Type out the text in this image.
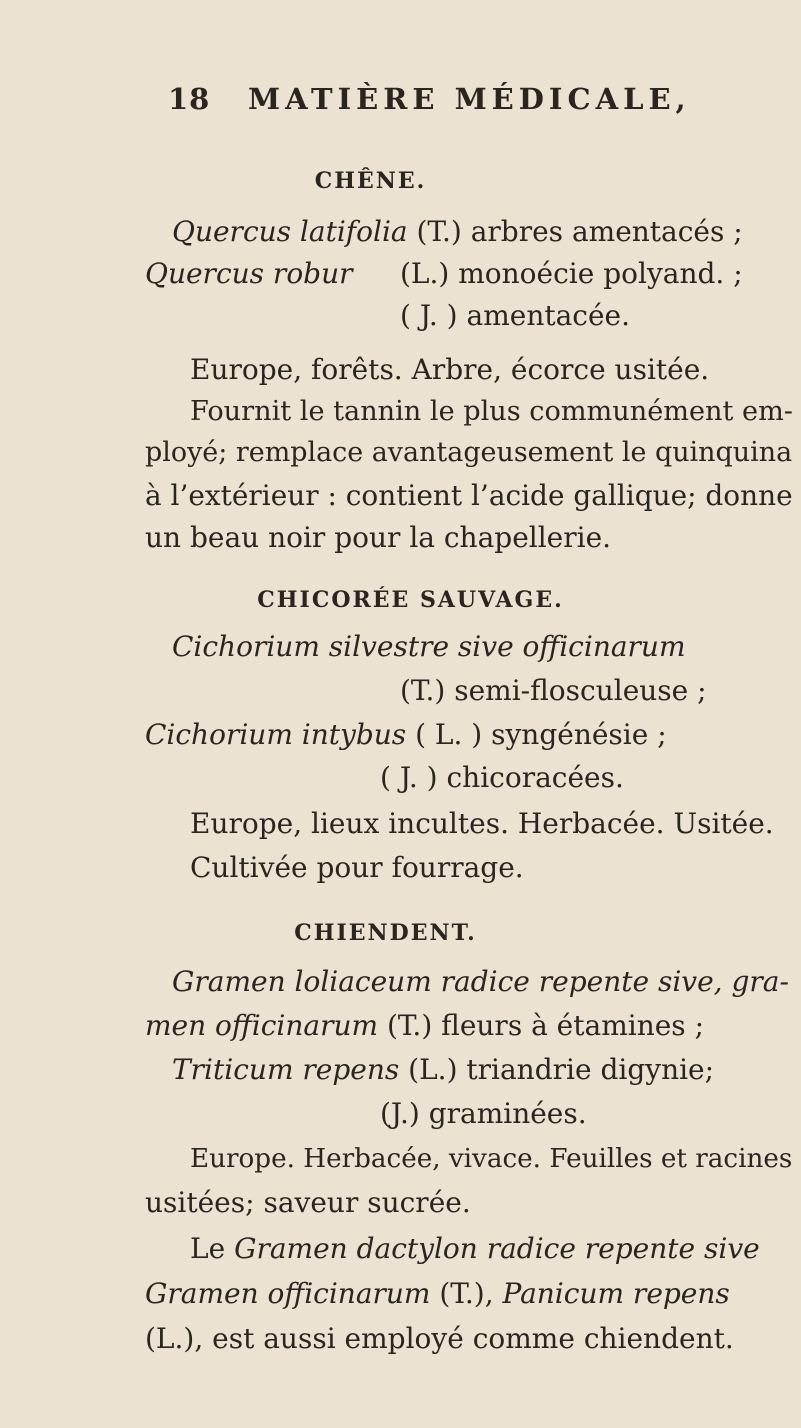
18 MATIÈRE MÉDICALE,
CHÊNE.
Quercus latifolia (T.) arbres amentacés ;
Quercus robur (L.) monoécie polyand. ;
( J. ) amentacée.
Europe, forêts. Arbre, écorce usitée.
Fournit le tannin le plus communément em-
ployé; remplace avantageusement le quinquina
à l’extérieur : contient l’acide gallique; donne
un beau noir pour la chapellerie.
CHICORÉE SAUVAGE.
Cichorium silvestre sive officinarum
(T.) semi-flosculeuse ;
Cichorium intybus ( L. ) syngénésie ;
( J. ) chicoracées.
Europe, lieux incultes. Herbacée. Usitée.
Cultivée pour fourrage.
CHIENDENT.
Gramen loliaceum radice repente sive, gra-
men officinarum (T.) fleurs à étamines ;
Triticum repens (L.) triandrie digynie;
(J.) graminées.
Europe. Herbacée, vivace. Feuilles et racines
usitées; saveur sucrée.
Le Gramen dactylon radice repente sive
Gramen officinarum (T.), Panicum repens
(L.), est aussi employé comme chiendent.
